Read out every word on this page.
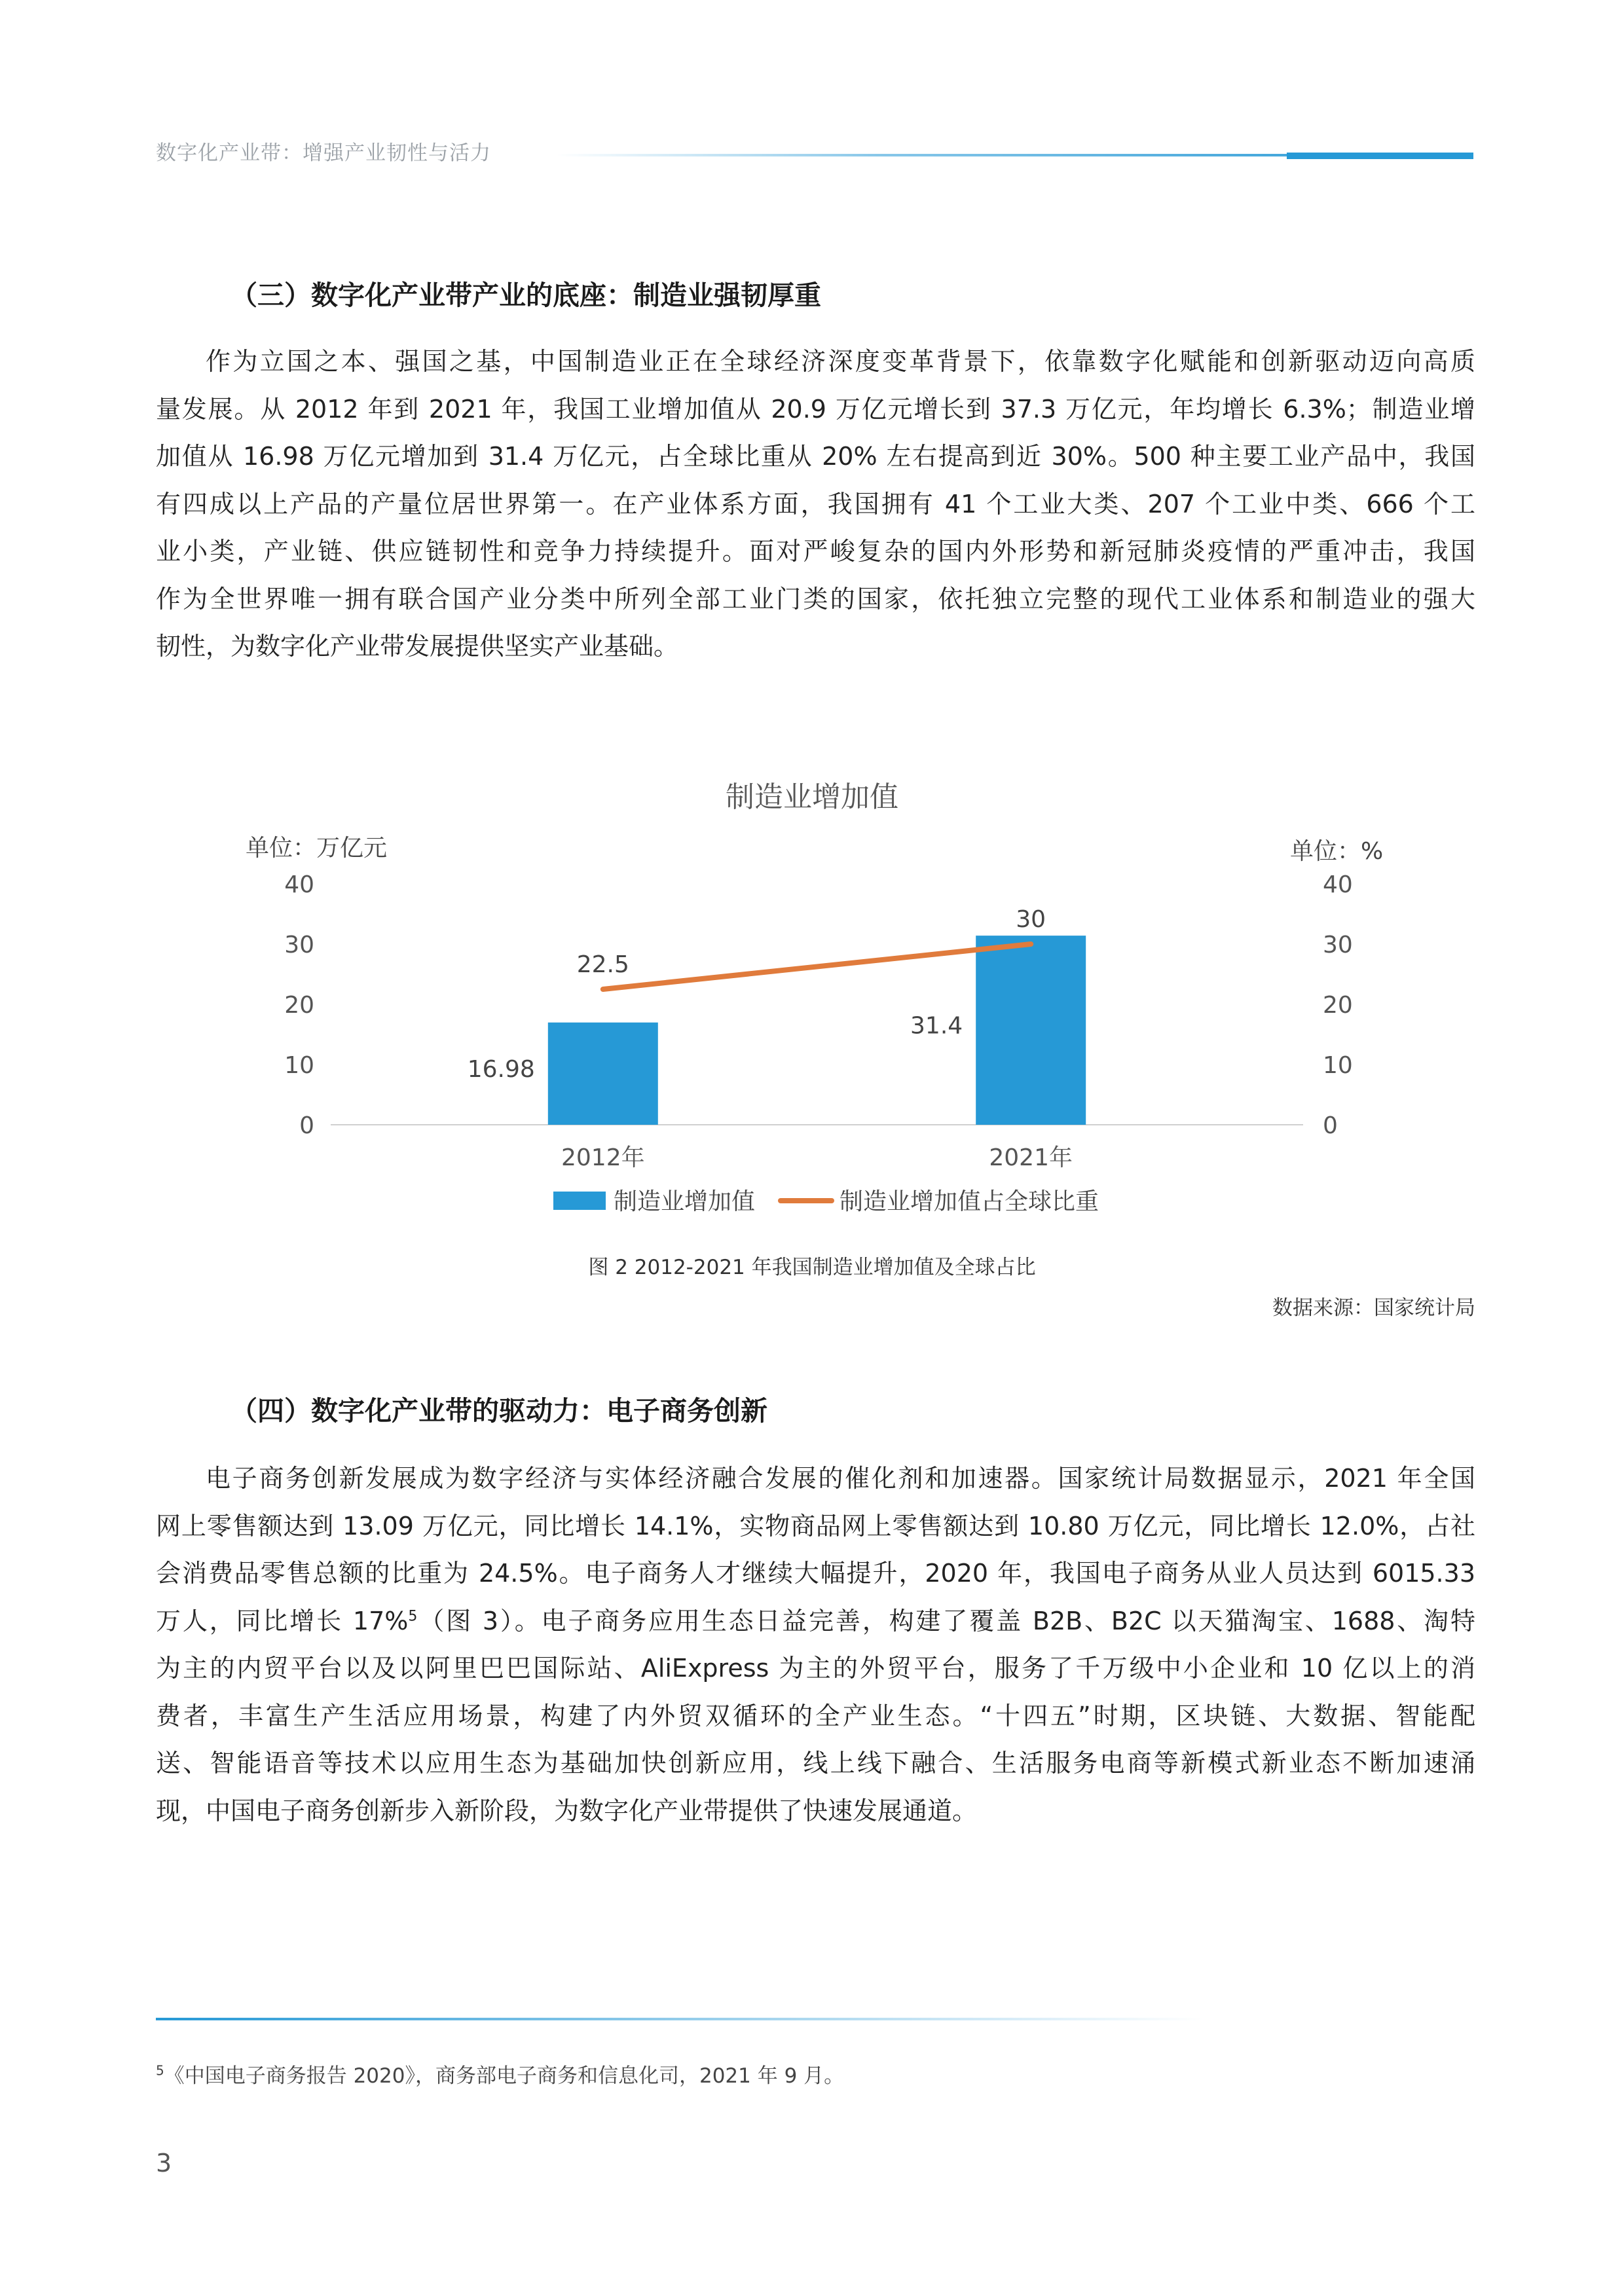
数字化产业带：增强产业韧性与活力
（三）数字化产业带产业的底座：制造业强韧厚重
作为立国之本、强国之基，中国制造业正在全球经济深度变革背景下，依靠数字化赋能和创新驱动迈向高质
量发展。从 2012 年到 2021 年，我国工业增加值从 20.9 万亿元增长到 37.3 万亿元，年均增长 6.3%；制造业增
加值从 16.98 万亿元增加到 31.4 万亿元，占全球比重从 20% 左右提高到近 30%。500 种主要工业产品中，我国
有四成以上产品的产量位居世界第一。在产业体系方面，我国拥有 41 个工业大类、207 个工业中类、666 个工
业小类，产业链、供应链韧性和竞争力持续提升。面对严峻复杂的国内外形势和新冠肺炎疫情的严重冲击，我国
作为全世界唯一拥有联合国产业分类中所列全部工业门类的国家，依托独立完整的现代工业体系和制造业的强大
韧性，为数字化产业带发展提供坚实产业基础。
制造业增加值
单位：万亿元	单位：%
0
10
20
30
40
0
10
20
30
40
16.98
31.4
22.5
30
2012年	2021年
制造业增加值	制造业增加值占全球比重
图 2 2012-2021 年我国制造业增加值及全球占比
数据来源：国家统计局
（四）数字化产业带的驱动力：电子商务创新
电子商务创新发展成为数字经济与实体经济融合发展的催化剂和加速器。国家统计局数据显示，2021 年全国
网上零售额达到 13.09 万亿元，同比增长 14.1%，实物商品网上零售额达到 10.80 万亿元，同比增长 12.0%，占社
会消费品零售总额的比重为 24.5%。电子商务人才继续大幅提升，2020 年，我国电子商务从业人员达到 6015.33
万人，同比增长 17%$^5$（图 3）。电子商务应用生态日益完善，构建了覆盖 B2B、B2C 以天猫淘宝、1688、淘特
为主的内贸平台以及以阿里巴巴国际站、AliExpress 为主的外贸平台，服务了千万级中小企业和 10 亿以上的消
费者，丰富生产生活应用场景，构建了内外贸双循环的全产业生态。“十四五”时期，区块链、大数据、智能配
送、智能语音等技术以应用生态为基础加快创新应用，线上线下融合、生活服务电商等新模式新业态不断加速涌
现，中国电子商务创新步入新阶段，为数字化产业带提供了快速发展通道。
$^5$《中国电子商务报告 2020》，商务部电子商务和信息化司，2021 年 9 月。
3
